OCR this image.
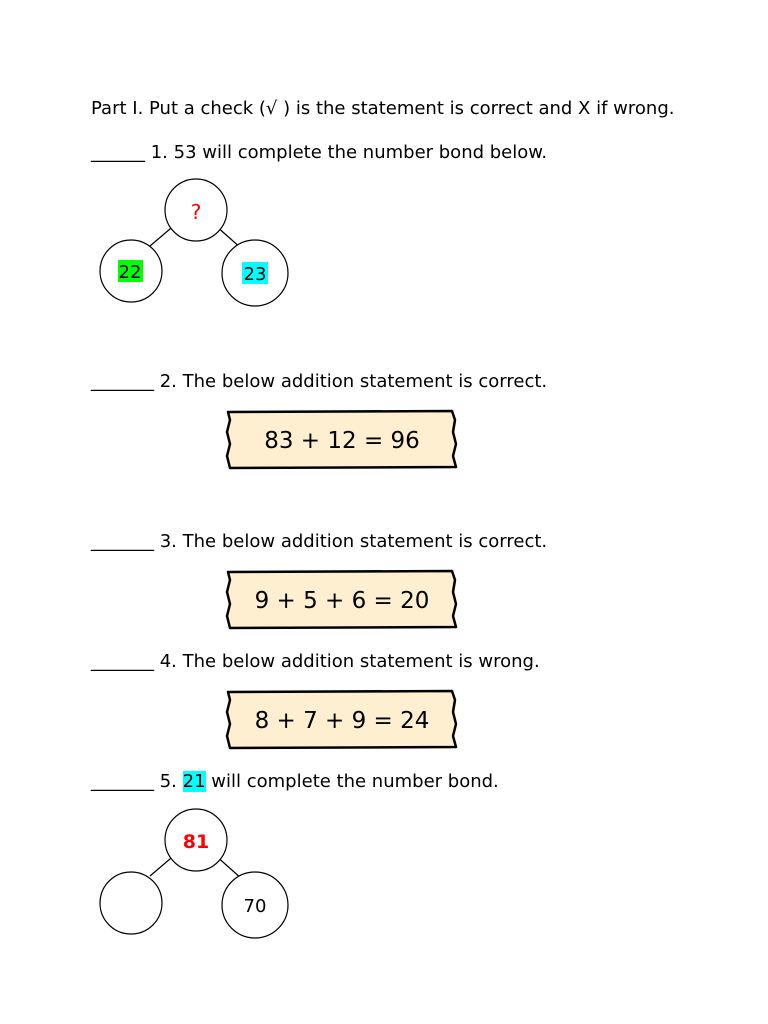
Part I. Put a check (√ ) is the statement is correct and X if wrong.
______ 1. 53 will complete the number bond below.
?
22	23
_______ 2. The below addition statement is correct.
83 + 12 = 96
_______ 3. The below addition statement is correct.
9 + 5 + 6 = 20
_______ 4. The below addition statement is wrong.
8 + 7 + 9 = 24
_______ 5. 21 will complete the number bond.
81
70
